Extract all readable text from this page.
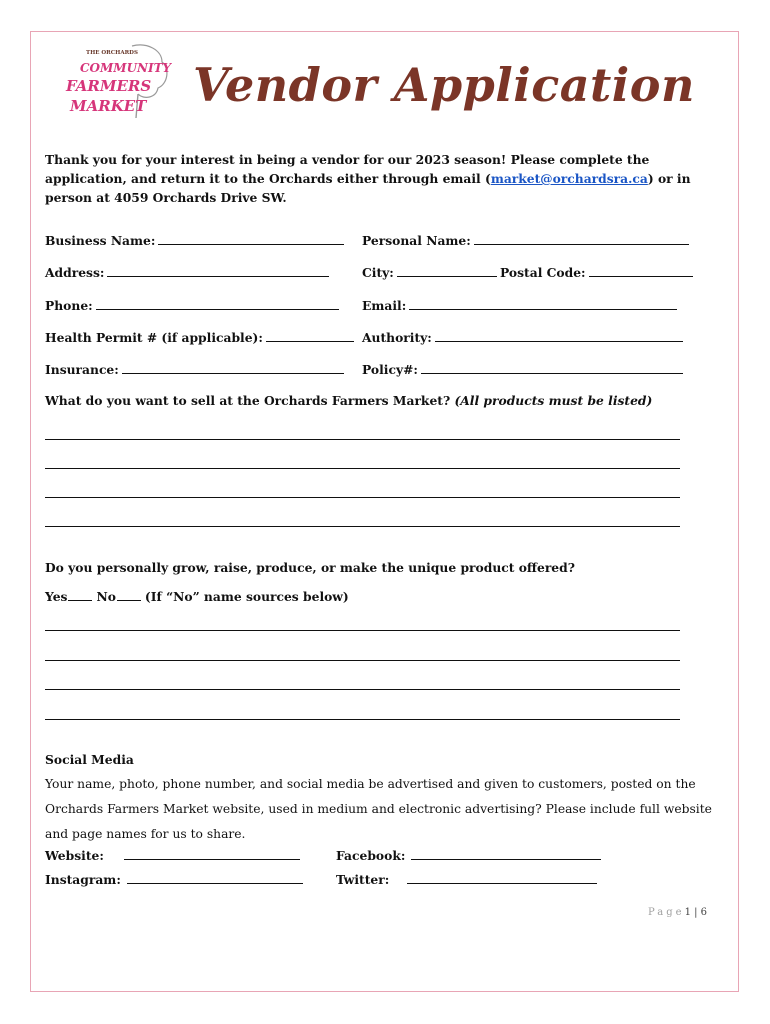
THE ORCHARDS
COMMUNITY
FARMERS
MARKET Vendor Application
Thank you for your interest in being a vendor for our 2023 season! Please complete the application, and return it to the Orchards either through email (market@orchardsra.ca) or in person at 4059 Orchards Drive SW.
Business Name:	Personal Name:
Address:	City:	Postal Code:
Phone:	Email:
Health Permit # (if applicable):	Authority:
Insurance:	Policy#:
What do you want to sell at the Orchards Farmers Market? (All products must be listed)
Do you personally grow, raise, produce, or make the unique product offered?
Yes No (If “No” name sources below)
Social Media
Your name, photo, phone number, and social media be advertised and given to customers, posted on the Orchards Farmers Market website, used in medium and electronic advertising? Please include full website and page names for us to share.
Website:	Facebook:
Instagram:	Twitter:
Page1 | 6
